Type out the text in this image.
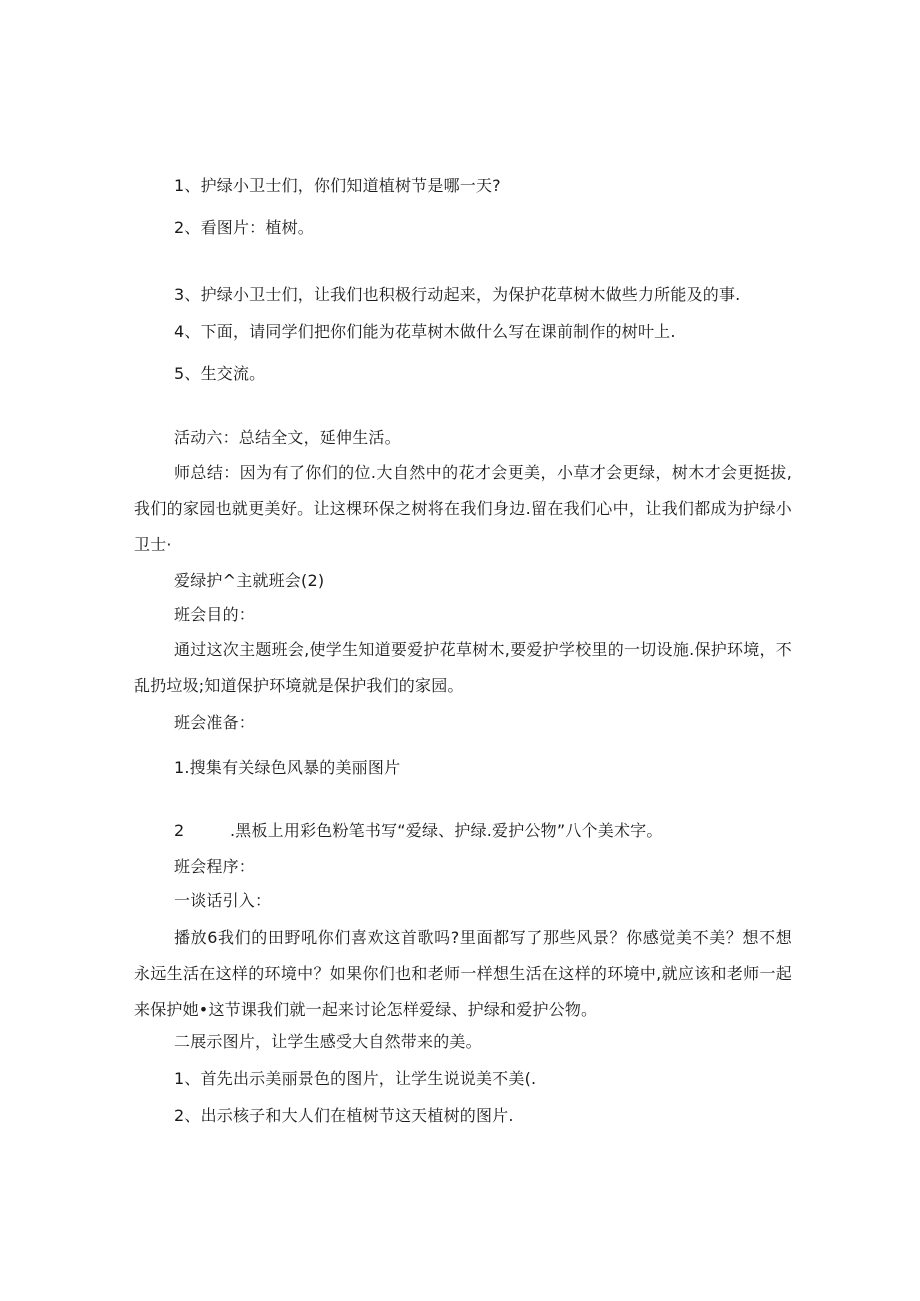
1、护绿小卫士们，你们知道植树节是哪一天?
2、看图片：植树。
3、护绿小卫士们，让我们也积极行动起来，为保护花草树木做些力所能及的事.
4、下面，请同学们把你们能为花草树木做什么写在课前制作的树叶上.
5、生交流。
活动六：总结全文，延伸生活。
师总结：因为有了你们的位.大自然中的花才会更美，小草才会更绿，树木才会更挺拔,我们的家园也就更美好。让这棵环保之树将在我们身边.留在我们心中，让我们都成为护绿小卫士·
爱绿护^主就班会(2)
班会目的：
通过这次主题班会,使学生知道要爱护花草树木,要爱护学校里的一切设施.保护环境，不乱扔垃圾;知道保护环境就是保护我们的家园。
班会准备：
1.搜集有关绿色风暴的美丽图片
2	.黑板上用彩色粉笔书写“爱绿、护绿.爱护公物”八个美术字。
班会程序：
一谈话引入：
播放6我们的田野吼你们喜欢这首歌吗?里面都写了那些风景？你感觉美不美？想不想永远生活在这样的环境中？如果你们也和老师一样想生活在这样的环境中,就应该和老师一起来保护她•这节课我们就一起来讨论怎样爱绿、护绿和爱护公物。
二展示图片，让学生感受大自然带来的美。
1、首先出示美丽景色的图片，让学生说说美不美(.
2、出示核子和大人们在植树节这天植树的图片.
